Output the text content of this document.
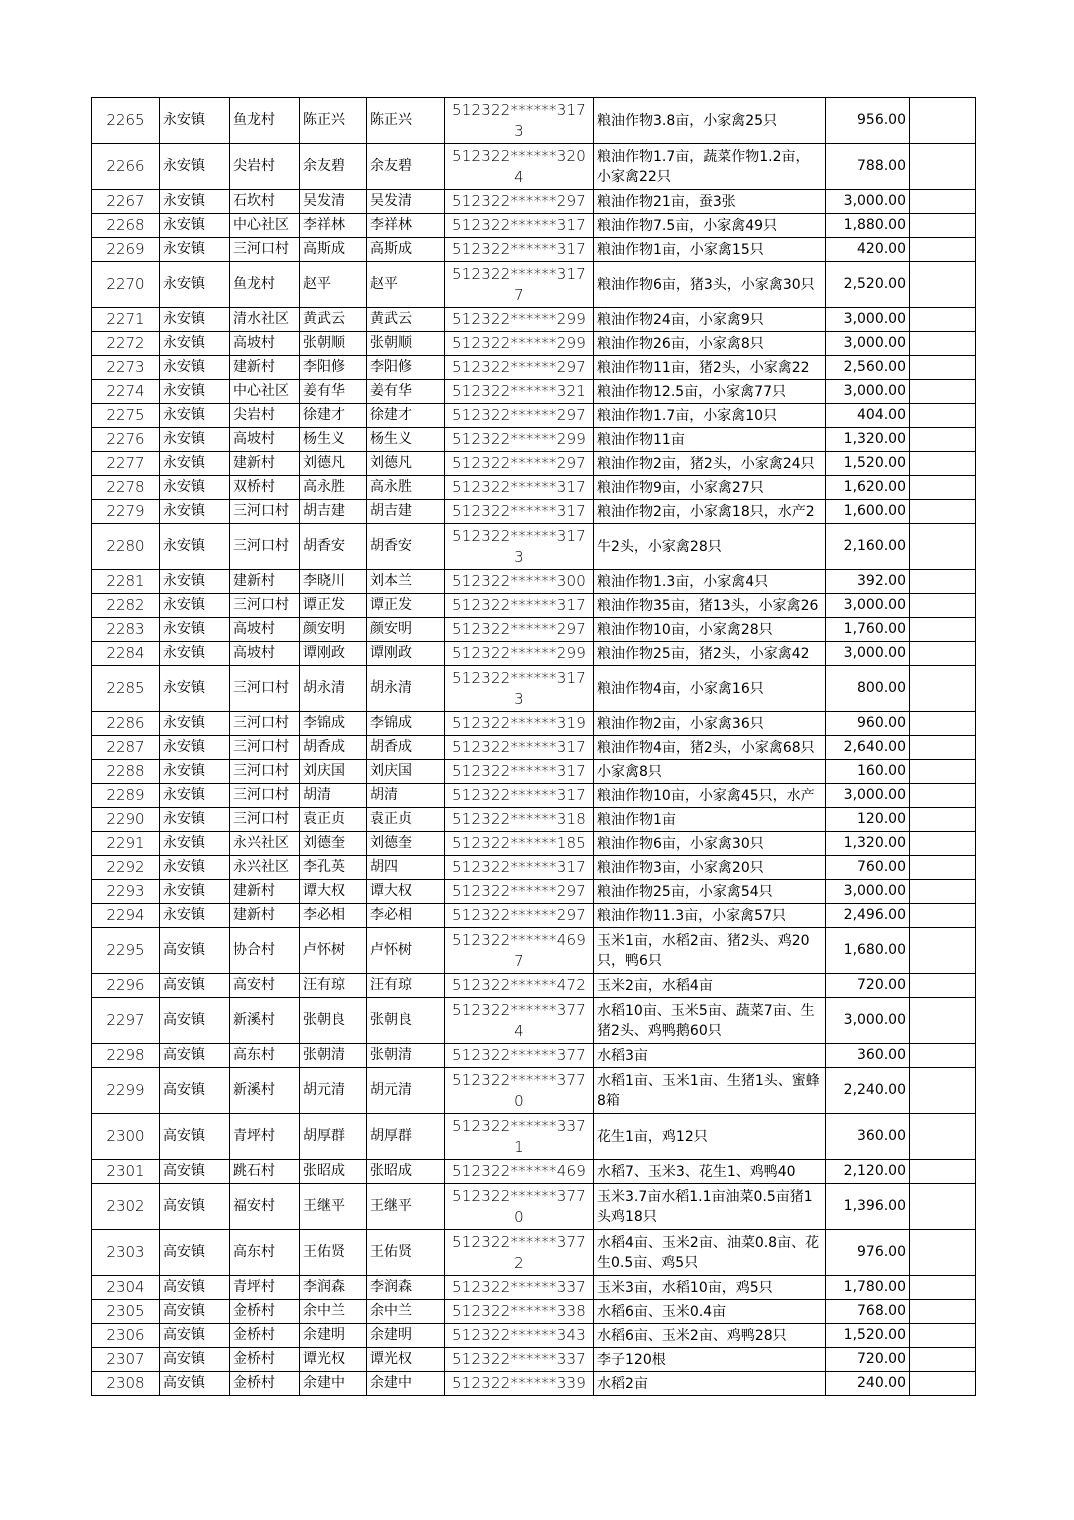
2265	永安镇	鱼龙村	陈正兴	陈正兴	512322******3173	粮油作物3.8亩，小家禽25只	956.00	
2266	永安镇	尖岩村	余友碧	余友碧	512322******3204	粮油作物1.7亩，蔬菜作物1.2亩，小家禽22只	788.00	
2267	永安镇	石坎村	吴发清	吴发清	512322******297	粮油作物21亩，蚕3张	3,000.00	
2268	永安镇	中心社区	李祥林	李祥林	512322******317	粮油作物7.5亩，小家禽49只	1,880.00	
2269	永安镇	三河口村	高斯成	高斯成	512322******317	粮油作物1亩，小家禽15只	420.00	
2270	永安镇	鱼龙村	赵平	赵平	512322******3177	粮油作物6亩，猪3头，小家禽30只	2,520.00	
2271	永安镇	清水社区	黄武云	黄武云	512322******299	粮油作物24亩，小家禽9只	3,000.00	
2272	永安镇	高坡村	张朝顺	张朝顺	512322******299	粮油作物26亩，小家禽8只	3,000.00	
2273	永安镇	建新村	李阳修	李阳修	512322******297	粮油作物11亩，猪2头，小家禽22	2,560.00	
2274	永安镇	中心社区	姜有华	姜有华	512322******321	粮油作物12.5亩，小家禽77只	3,000.00	
2275	永安镇	尖岩村	徐建才	徐建才	512322******297	粮油作物1.7亩，小家禽10只	404.00	
2276	永安镇	高坡村	杨生义	杨生义	512322******299	粮油作物11亩	1,320.00	
2277	永安镇	建新村	刘德凡	刘德凡	512322******297	粮油作物2亩，猪2头，小家禽24只	1,520.00	
2278	永安镇	双桥村	高永胜	高永胜	512322******317	粮油作物9亩，小家禽27只	1,620.00	
2279	永安镇	三河口村	胡吉建	胡吉建	512322******317	粮油作物2亩，小家禽18只，水产2	1,600.00	
2280	永安镇	三河口村	胡香安	胡香安	512322******3173	牛2头，小家禽28只	2,160.00	
2281	永安镇	建新村	李晓川	刘本兰	512322******300	粮油作物1.3亩，小家禽4只	392.00	
2282	永安镇	三河口村	谭正发	谭正发	512322******317	粮油作物35亩，猪13头，小家禽26	3,000.00	
2283	永安镇	高坡村	颜安明	颜安明	512322******297	粮油作物10亩，小家禽28只	1,760.00	
2284	永安镇	高坡村	谭刚政	谭刚政	512322******299	粮油作物25亩，猪2头，小家禽42	3,000.00	
2285	永安镇	三河口村	胡永清	胡永清	512322******3173	粮油作物4亩，小家禽16只	800.00	
2286	永安镇	三河口村	李锦成	李锦成	512322******319	粮油作物2亩，小家禽36只	960.00	
2287	永安镇	三河口村	胡香成	胡香成	512322******317	粮油作物4亩，猪2头，小家禽68只	2,640.00	
2288	永安镇	三河口村	刘庆国	刘庆国	512322******317	小家禽8只	160.00	
2289	永安镇	三河口村	胡清	胡清	512322******317	粮油作物10亩，小家禽45只，水产	3,000.00	
2290	永安镇	三河口村	袁正贞	袁正贞	512322******318	粮油作物1亩	120.00	
2291	永安镇	永兴社区	刘德奎	刘德奎	512322******185	粮油作物6亩，小家禽30只	1,320.00	
2292	永安镇	永兴社区	李孔英	胡四	512322******317	粮油作物3亩，小家禽20只	760.00	
2293	永安镇	建新村	谭大权	谭大权	512322******297	粮油作物25亩，小家禽54只	3,000.00	
2294	永安镇	建新村	李必相	李必相	512322******297	粮油作物11.3亩，小家禽57只	2,496.00	
2295	高安镇	协合村	卢怀树	卢怀树	512322******4697	玉米1亩，水稻2亩、猪2头、鸡20只，鸭6只	1,680.00	
2296	高安镇	高安村	汪有琼	汪有琼	512322******472	玉米2亩，水稻4亩	720.00	
2297	高安镇	新溪村	张朝良	张朝良	512322******3774	水稻10亩、玉米5亩、蔬菜7亩、生猪2头、鸡鸭鹅60只	3,000.00	
2298	高安镇	高东村	张朝清	张朝清	512322******377	水稻3亩	360.00	
2299	高安镇	新溪村	胡元清	胡元清	512322******3770	水稻1亩、玉米1亩、生猪1头、蜜蜂8箱	2,240.00	
2300	高安镇	青坪村	胡厚群	胡厚群	512322******3371	花生1亩，鸡12只	360.00	
2301	高安镇	跳石村	张昭成	张昭成	512322******469	水稻7、玉米3、花生1、鸡鸭40	2,120.00	
2302	高安镇	福安村	王继平	王继平	512322******3770	玉米3.7亩水稻1.1亩油菜0.5亩猪1头鸡18只	1,396.00	
2303	高安镇	高东村	王佑贤	王佑贤	512322******3772	水稻4亩、玉米2亩、油菜0.8亩、花生0.5亩、鸡5只	976.00	
2304	高安镇	青坪村	李润森	李润森	512322******337	玉米3亩，水稻10亩，鸡5只	1,780.00	
2305	高安镇	金桥村	余中兰	余中兰	512322******338	水稻6亩、玉米0.4亩	768.00	
2306	高安镇	金桥村	余建明	余建明	512322******343	水稻6亩、玉米2亩、鸡鸭28只	1,520.00	
2307	高安镇	金桥村	谭光权	谭光权	512322******337	李子120根	720.00	
2308	高安镇	金桥村	余建中	余建中	512322******339	水稻2亩	240.00	
